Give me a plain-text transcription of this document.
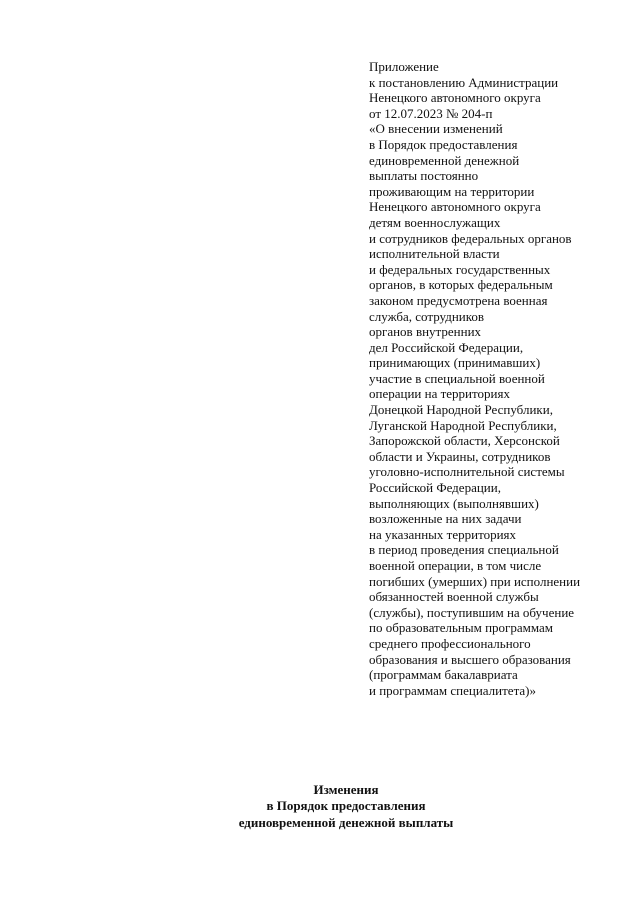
Приложение
к постановлению Администрации
Ненецкого автономного округа
от 12.07.2023 № 204-п
«О внесении изменений
в Порядок предоставления
единовременной денежной
выплаты постоянно
проживающим на территории
Ненецкого автономного округа
детям военнослужащих
и сотрудников федеральных органов
исполнительной власти
и федеральных государственных
органов, в которых федеральным
законом предусмотрена военная
служба, сотрудников
органов внутренних
дел Российской Федерации,
принимающих (принимавших)
участие в специальной военной
операции на территориях
Донецкой Народной Республики,
Луганской Народной Республики,
Запорожской области, Херсонской
области и Украины, сотрудников
уголовно-исполнительной системы
Российской Федерации,
выполняющих (выполнявших)
возложенные на них задачи
на указанных территориях
в период проведения специальной
военной операции, в том числе
погибших (умерших) при исполнении
обязанностей военной службы
(службы), поступившим на обучение
по образовательным программам
среднего профессионального
образования и высшего образования
(программам бакалавриата
и программам специалитета)»
Изменения
в Порядок предоставления
единовременной денежной выплаты
